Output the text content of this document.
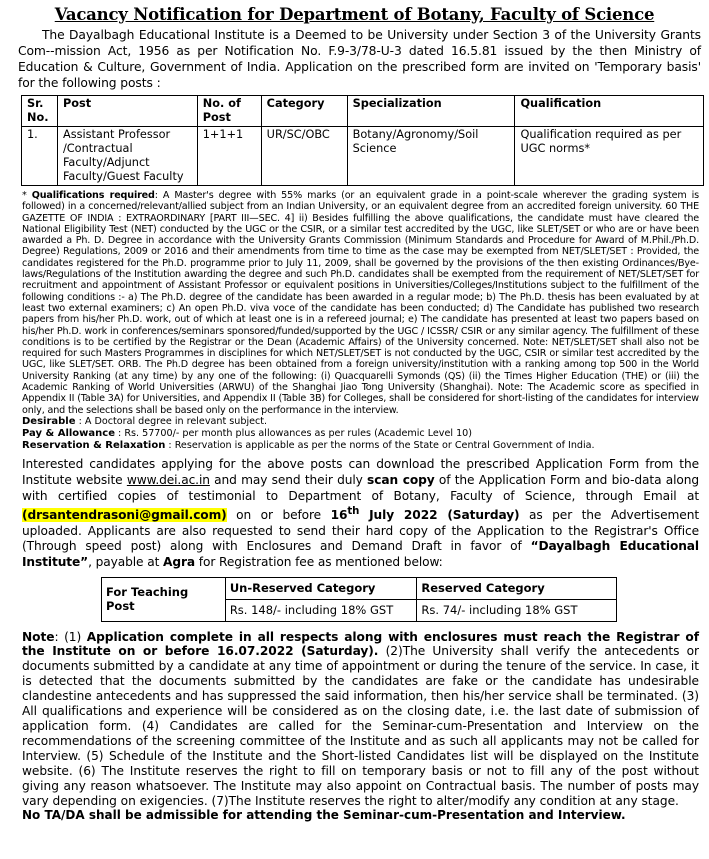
Vacancy Notification for Department of Botany, Faculty of Science

The Dayalbagh Educational Institute is a Deemed to be University under Section 3 of the University Grants Com--mission Act, 1956 as per Notification No. F.9-3/78-U-3 dated 16.5.81 issued by the then Ministry of Education & Culture, Government of India. Application on the prescribed form are invited on 'Temporary basis' for the following posts :

Sr. No.	Post	No. of Post	Category	Specialization	Qualification
1.	Assistant Professor /Contractual Faculty/Adjunct Faculty/Guest Faculty	1+1+1	UR/SC/OBC	Botany/Agronomy/Soil Science	Qualification required as per UGC norms*

* Qualifications required: A Master's degree with 55% marks (or an equivalent grade in a point-scale wherever the grading system is followed) in a concerned/relevant/allied subject from an Indian University, or an equivalent degree from an accredited foreign university. 60 THE GAZETTE OF INDIA : EXTRAORDINARY [PART III—SEC. 4] ii) Besides fulfilling the above qualifications, the candidate must have cleared the National Eligibility Test (NET) conducted by the UGC or the CSIR, or a similar test accredited by the UGC, like SLET/SET or who are or have been awarded a Ph. D. Degree in accordance with the University Grants Commission (Minimum Standards and Procedure for Award of M.Phil./Ph.D. Degree) Regulations, 2009 or 2016 and their amendments from time to time as the case may be exempted from NET/SLET/SET : Provided, the candidates registered for the Ph.D. programme prior to July 11, 2009, shall be governed by the provisions of the then existing Ordinances/Bye-laws/Regulations of the Institution awarding the degree and such Ph.D. candidates shall be exempted from the requirement of NET/SLET/SET for recruitment and appointment of Assistant Professor or equivalent positions in Universities/Colleges/Institutions subject to the fulfillment of the following conditions :- a) The Ph.D. degree of the candidate has been awarded in a regular mode; b) The Ph.D. thesis has been evaluated by at least two external examiners; c) An open Ph.D. viva voce of the candidate has been conducted; d) The Candidate has published two research papers from his/her Ph.D. work, out of which at least one is in a refereed journal; e) The candidate has presented at least two papers based on his/her Ph.D. work in conferences/seminars sponsored/funded/supported by the UGC / ICSSR/ CSIR or any similar agency. The fulfillment of these conditions is to be certified by the Registrar or the Dean (Academic Affairs) of the University concerned. Note: NET/SLET/SET shall also not be required for such Masters Programmes in disciplines for which NET/SLET/SET is not conducted by the UGC, CSIR or similar test accredited by the UGC, like SLET/SET. ORB. The Ph.D degree has been obtained from a foreign university/institution with a ranking among top 500 in the World University Ranking (at any time) by any one of the following: (i) Quacquarelli Symonds (QS) (ii) the Times Higher Education (THE) or (iii) the Academic Ranking of World Universities (ARWU) of the Shanghai Jiao Tong University (Shanghai). Note: The Academic score as specified in Appendix II (Table 3A) for Universities, and Appendix II (Table 3B) for Colleges, shall be considered for short-listing of the candidates for interview only, and the selections shall be based only on the performance in the interview.

Desirable : A Doctoral degree in relevant subject.
Pay & Allowance : Rs. 57700/- per month plus allowances as per rules (Academic Level 10)
Reservation & Relaxation : Reservation is applicable as per the norms of the State or Central Government of India.

Interested candidates applying for the above posts can download the prescribed Application Form from the Institute website www.dei.ac.in and may send their duly scan copy of the Application Form and bio-data along with certified copies of testimonial to Department of Botany, Faculty of Science, through Email at (drsantendrasoni@gmail.com) on or before 16th July 2022 (Saturday) as per the Advertisement uploaded. Applicants are also requested to send their hard copy of the Application to the Registrar's Office (Through speed post) along with Enclosures and Demand Draft in favor of “Dayalbagh Educational Institute”, payable at Agra for Registration fee as mentioned below:

For Teaching Post	Un-Reserved Category	Reserved Category
	Rs. 148/- including 18% GST	Rs. 74/- including 18% GST

Note: (1) Application complete in all respects along with enclosures must reach the Registrar of the Institute on or before 16.07.2022 (Saturday). (2)The University shall verify the antecedents or documents submitted by a candidate at any time of appointment or during the tenure of the service. In case, it is detected that the documents submitted by the candidates are fake or the candidate has undesirable clandestine antecedents and has suppressed the said information, then his/her service shall be terminated. (3) All qualifications and experience will be considered as on the closing date, i.e. the last date of submission of application form. (4) Candidates are called for the Seminar-cum-Presentation and Interview on the recommendations of the screening committee of the Institute and as such all applicants may not be called for Interview. (5) Schedule of the Institute and the Short-listed Candidates list will be displayed on the Institute website. (6) The Institute reserves the right to fill on temporary basis or not to fill any of the post without giving any reason whatsoever. The Institute may also appoint on Contractual basis. The number of posts may vary depending on exigencies. (7)The Institute reserves the right to alter/modify any condition at any stage.

No TA/DA shall be admissible for attending the Seminar-cum-Presentation and Interview.
